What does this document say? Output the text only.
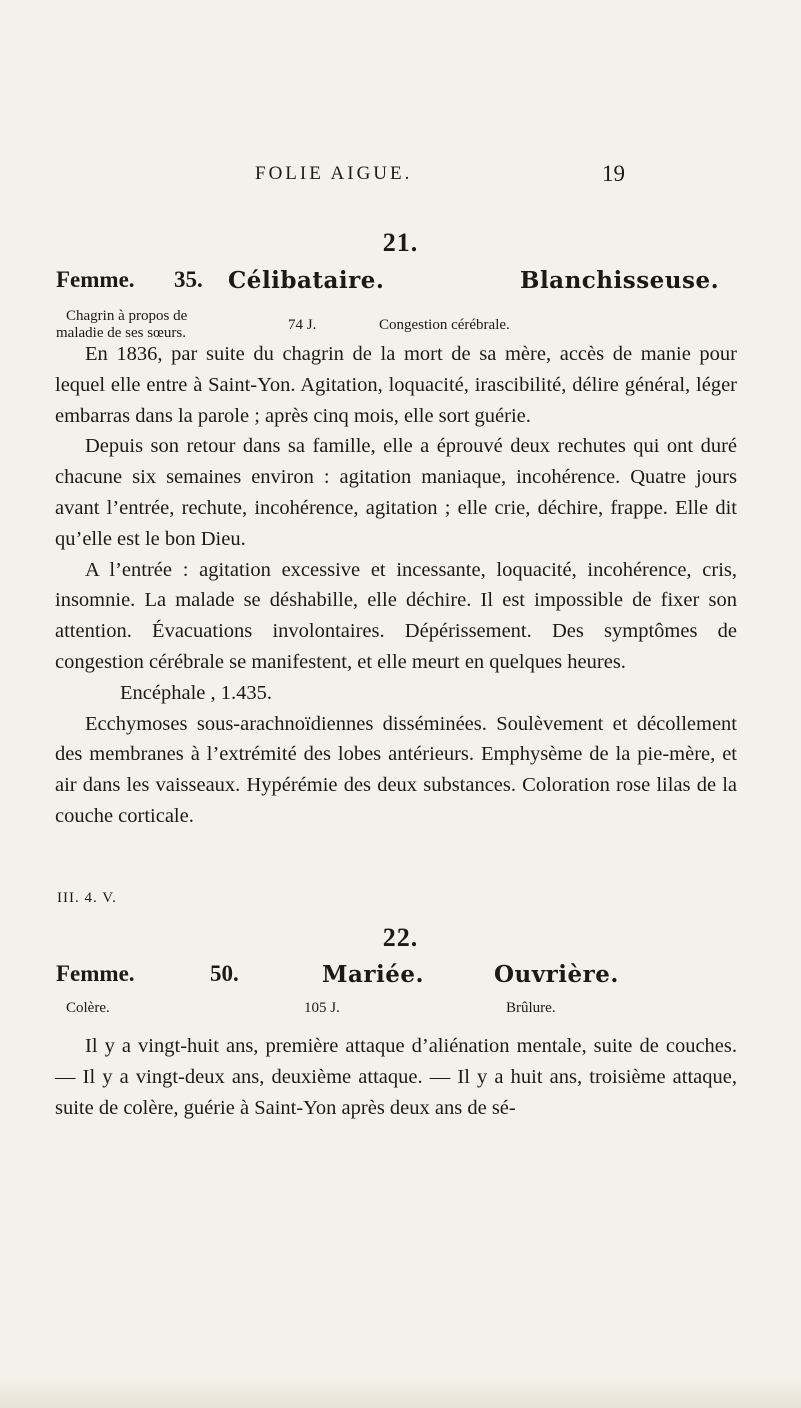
FOLIE AIGUE.	19
21.
Femme. 35. Célibataire.	Blanchisseuse.
Chagrin à propos de
maladie de ses sœurs.	74 J.	Congestion cérébrale.

En 1836, par suite du chagrin de la mort de sa mère, accès de manie pour lequel elle entre à Saint-Yon. Agitation, loquacité, irascibilité, délire général, léger embarras dans la parole ; après cinq mois, elle sort guérie.

Depuis son retour dans sa famille, elle a éprouvé deux rechutes qui ont duré chacune six semaines environ : agitation maniaque, incohérence. Quatre jours avant l’entrée, rechute, incohérence, agitation ; elle crie, déchire, frappe. Elle dit qu’elle est le bon Dieu.

A l’entrée : agitation excessive et incessante, loquacité, incohérence, cris, insomnie. La malade se déshabille, elle déchire. Il est impossible de fixer son attention. Évacuations involontaires. Dépérissement. Des symptômes de congestion cérébrale se manifestent, et elle meurt en quelques heures.

Encéphale , 1.435.

Ecchymoses sous-arachnoïdiennes disséminées. Soulèvement et décollement des membranes à l’extrémité des lobes antérieurs. Emphysème de la pie-mère, et air dans les vaisseaux. Hypérémie des deux substances. Coloration rose lilas de la couche corticale.

III. 4. V.
22.
Femme.	50.	Mariée.	Ouvrière.
Colère.	105 J.	Brûlure.

Il y a vingt-huit ans, première attaque d’aliénation mentale, suite de couches. — Il y a vingt-deux ans, deuxième attaque. — Il y a huit ans, troisième attaque, suite de colère, guérie à Saint-Yon après deux ans de sé-
